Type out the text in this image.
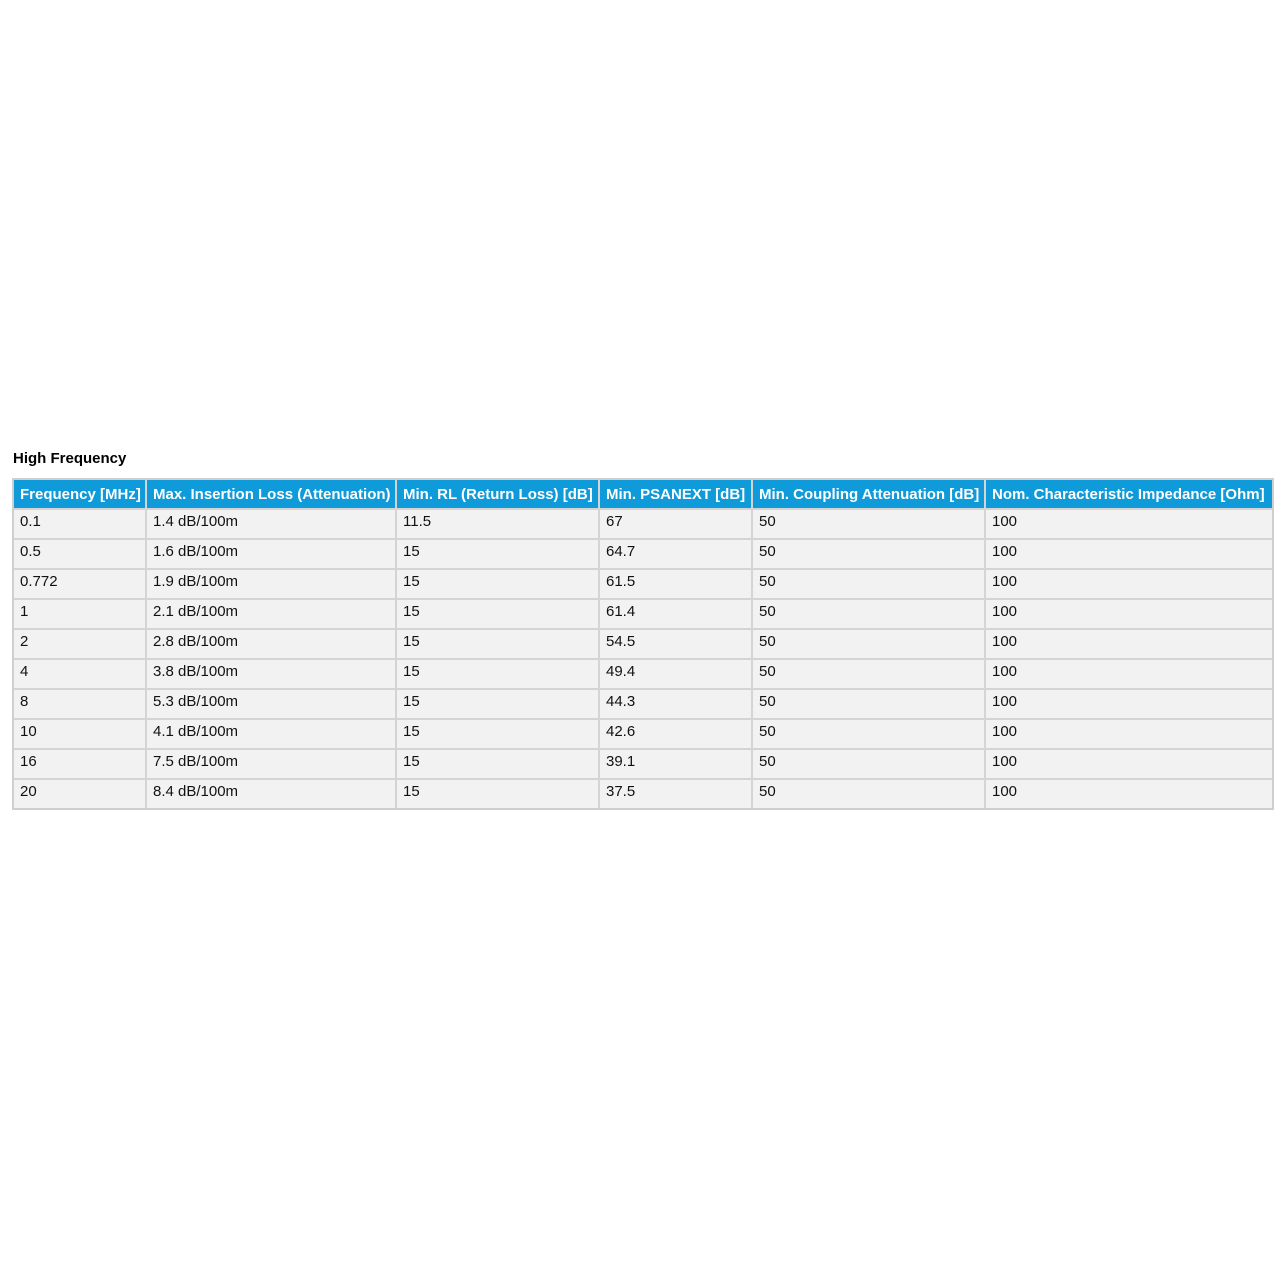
High Frequency
Frequency [MHz]	Max. Insertion Loss (Attenuation)	Min. RL (Return Loss) [dB]	Min. PSANEXT [dB]	Min. Coupling Attenuation [dB]	Nom. Characteristic Impedance [Ohm]
0.1	1.4 dB/100m	11.5	67	50	100
0.5	1.6 dB/100m	15	64.7	50	100
0.772	1.9 dB/100m	15	61.5	50	100
1	2.1 dB/100m	15	61.4	50	100
2	2.8 dB/100m	15	54.5	50	100
4	3.8 dB/100m	15	49.4	50	100
8	5.3 dB/100m	15	44.3	50	100
10	4.1 dB/100m	15	42.6	50	100
16	7.5 dB/100m	15	39.1	50	100
20	8.4 dB/100m	15	37.5	50	100
